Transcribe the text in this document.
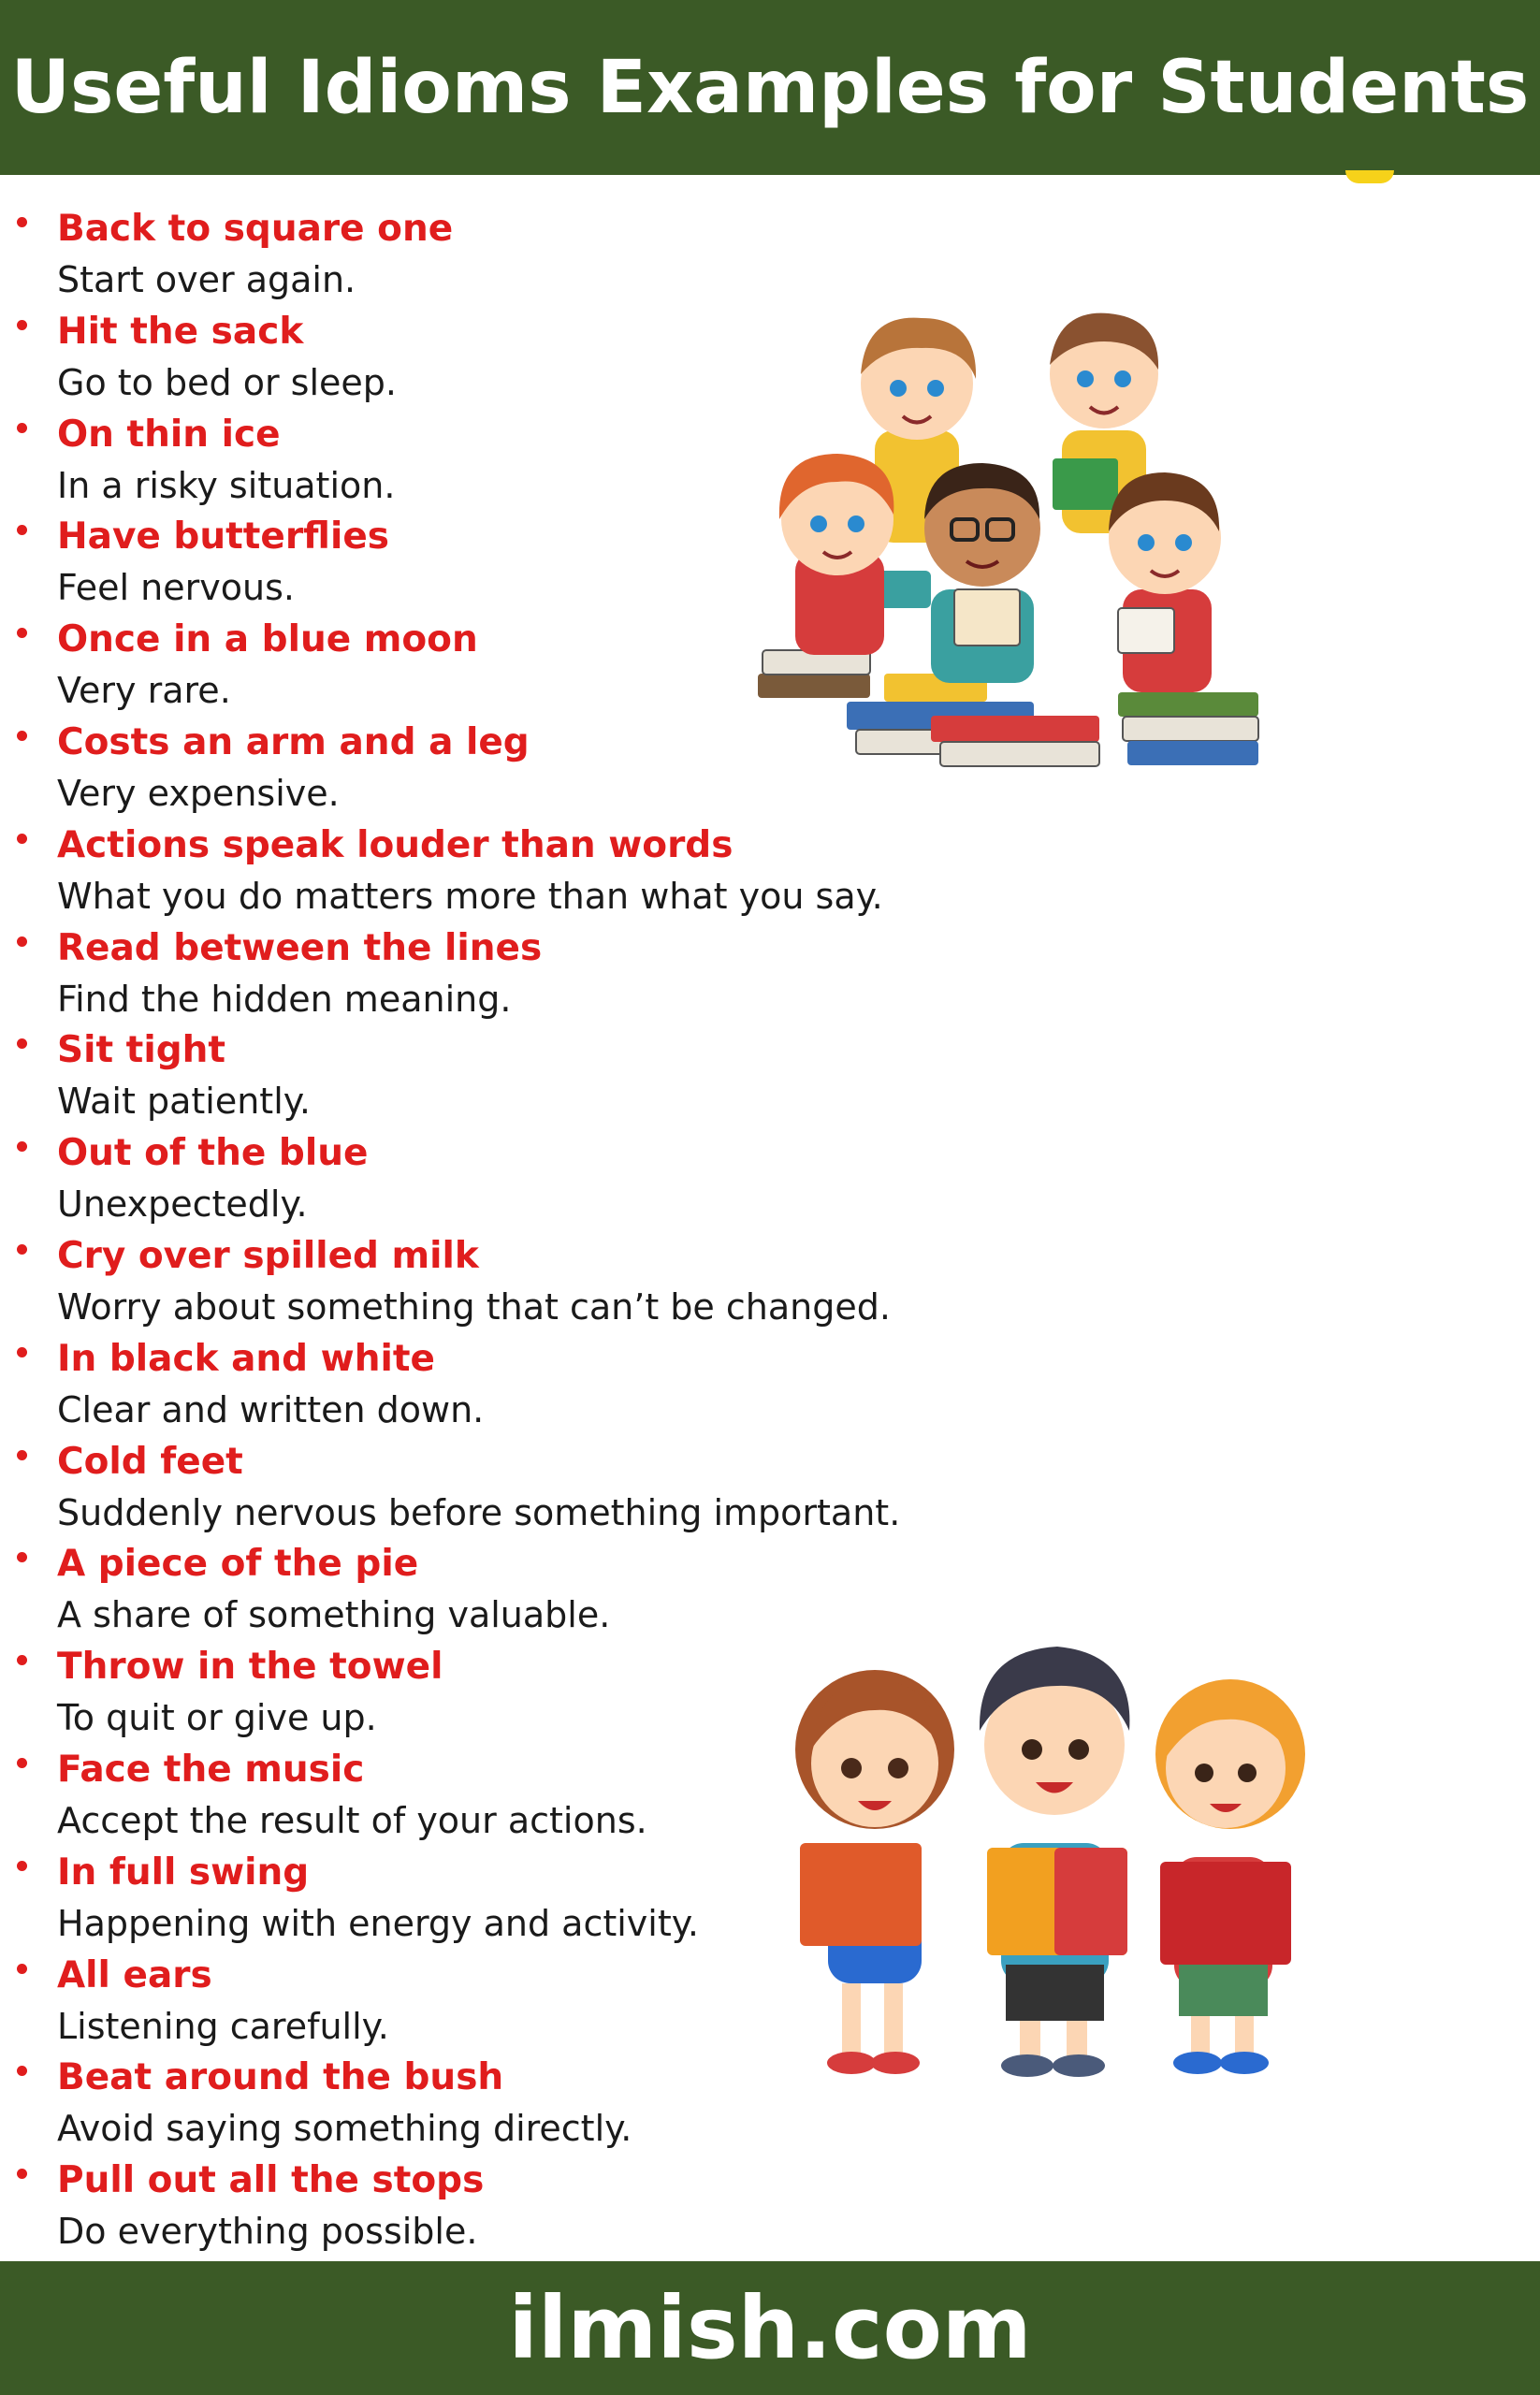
Useful Idioms Examples for Students
Back to square one
Start over again.
Hit the sack
Go to bed or sleep.
On thin ice
In a risky situation.
Have butterflies
Feel nervous.
Once in a blue moon
Very rare.
Costs an arm and a leg
Very expensive.
Actions speak louder than words
What you do matters more than what you say.
Read between the lines
Find the hidden meaning.
Sit tight
Wait patiently.
Out of the blue
Unexpectedly.
Cry over spilled milk
Worry about something that can’t be changed.
In black and white
Clear and written down.
Cold feet
Suddenly nervous before something important.
A piece of the pie
A share of something valuable.
Throw in the towel
To quit or give up.
Face the music
Accept the result of your actions.
In full swing
Happening with energy and activity.
All ears
Listening carefully.
Beat around the bush
Avoid saying something directly.
Pull out all the stops
Do everything possible.
ilmish.com
